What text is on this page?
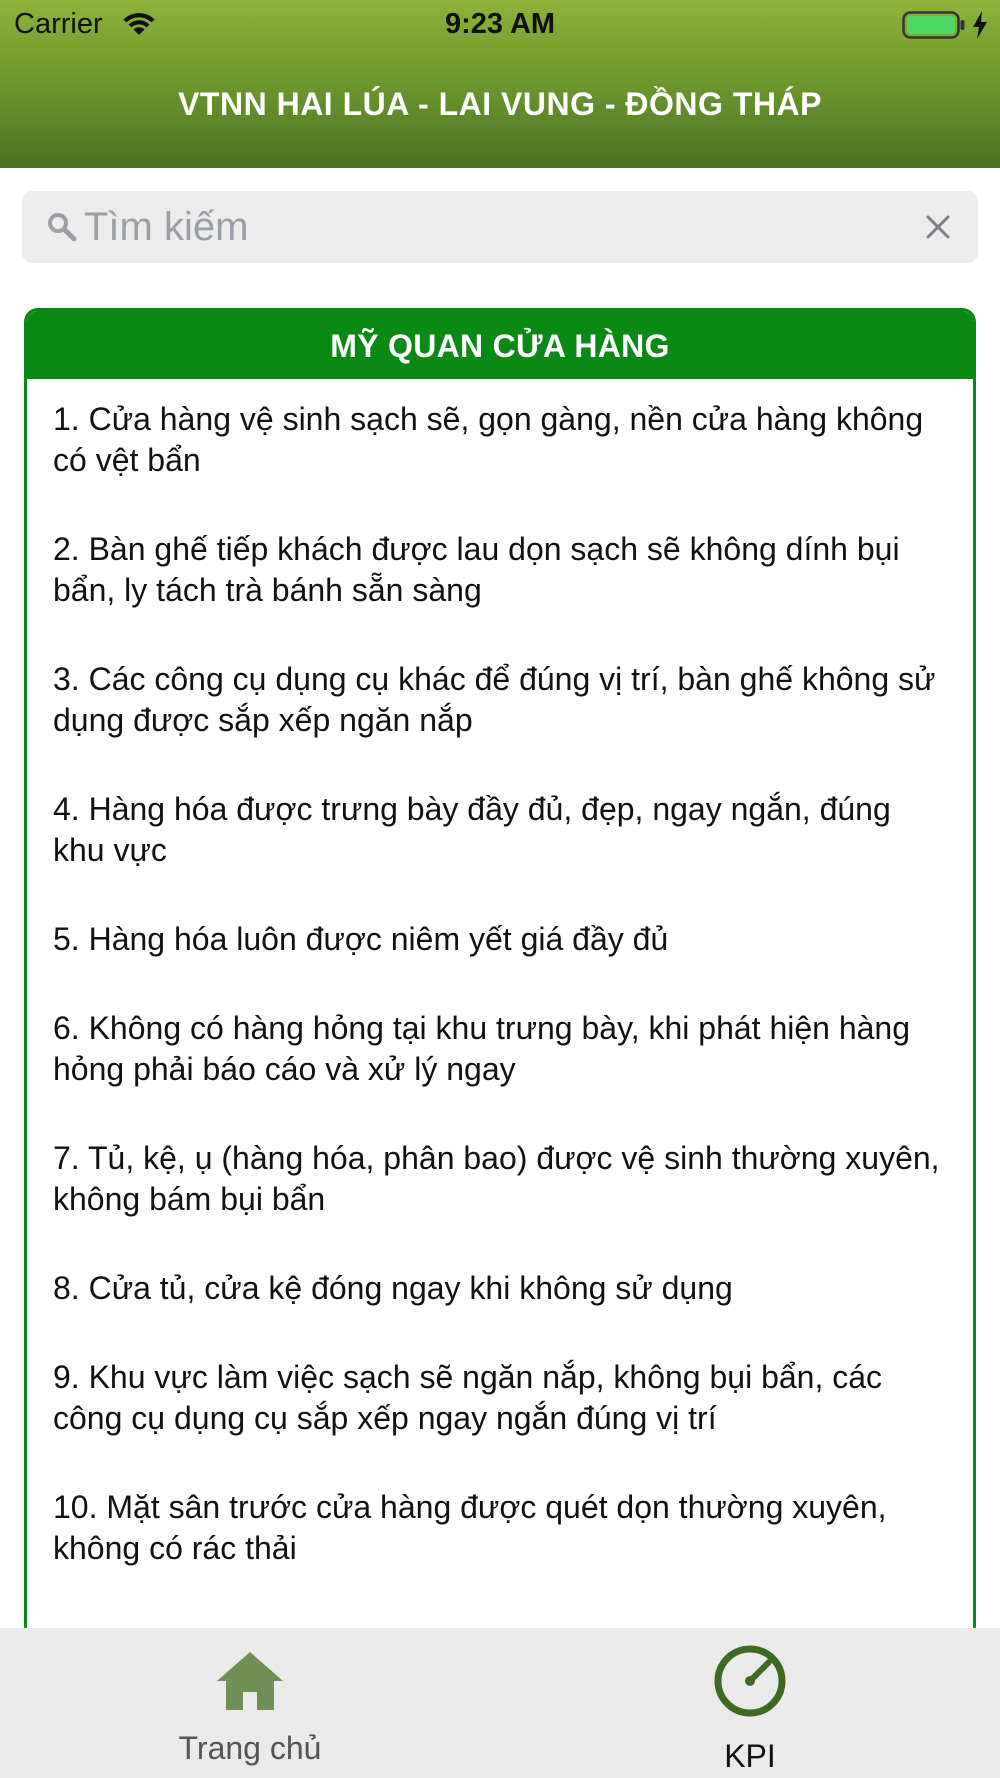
Carrier	9:23 AM
VTNN HAI LÚA - LAI VUNG - ĐỒNG THÁP
Tìm kiếm
MỸ QUAN CỬA HÀNG
1. Cửa hàng vệ sinh sạch sẽ, gọn gàng, nền cửa hàng không có vệt bẩn
2. Bàn ghế tiếp khách được lau dọn sạch sẽ không dính bụi bẩn, ly tách trà bánh sẵn sàng
3. Các công cụ dụng cụ khác để đúng vị trí, bàn ghế không sử dụng được sắp xếp ngăn nắp
4. Hàng hóa được trưng bày đầy đủ, đẹp, ngay ngắn, đúng khu vực
5. Hàng hóa luôn được niêm yết giá đầy đủ
6. Không có hàng hỏng tại khu trưng bày, khi phát hiện hàng hỏng phải báo cáo và xử lý ngay
7. Tủ, kệ, ụ (hàng hóa, phân bao) được vệ sinh thường xuyên, không bám bụi bẩn
8. Cửa tủ, cửa kệ đóng ngay khi không sử dụng
9. Khu vực làm việc sạch sẽ ngăn nắp, không bụi bẩn, các công cụ dụng cụ sắp xếp ngay ngắn đúng vị trí
10. Mặt sân trước cửa hàng được quét dọn thường xuyên, không có rác thải
Trang chủ	KPI
